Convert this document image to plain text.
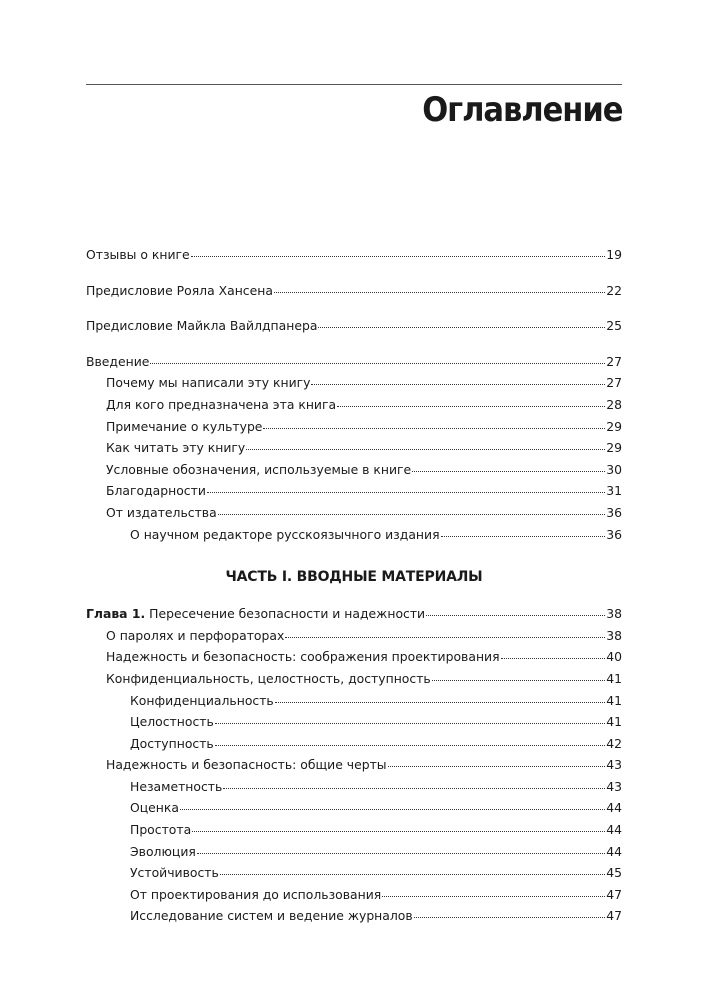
Оглавление
Отзывы о книге	19
Предисловие Рояла Хансена	22
Предисловие Майкла Вайлдпанера	25
Введение	27
Почему мы написали эту книгу	27
Для кого предназначена эта книга	28
Примечание о культуре	29
Как читать эту книгу	29
Условные обозначения, используемые в книге	30
Благодарности	31
От издательства	36
О научном редакторе русскоязычного издания	36
ЧАСТЬ I. ВВОДНЫЕ МАТЕРИАЛЫ
Глава 1. Пересечение безопасности и надежности	38
О паролях и перфораторах	38
Надежность и безопасность: соображения проектирования	40
Конфиденциальность, целостность, доступность	41
Конфиденциальность	41
Целостность	41
Доступность	42
Надежность и безопасность: общие черты	43
Незаметность	43
Оценка	44
Простота	44
Эволюция	44
Устойчивость	45
От проектирования до использования	47
Исследование систем и ведение журналов	47
